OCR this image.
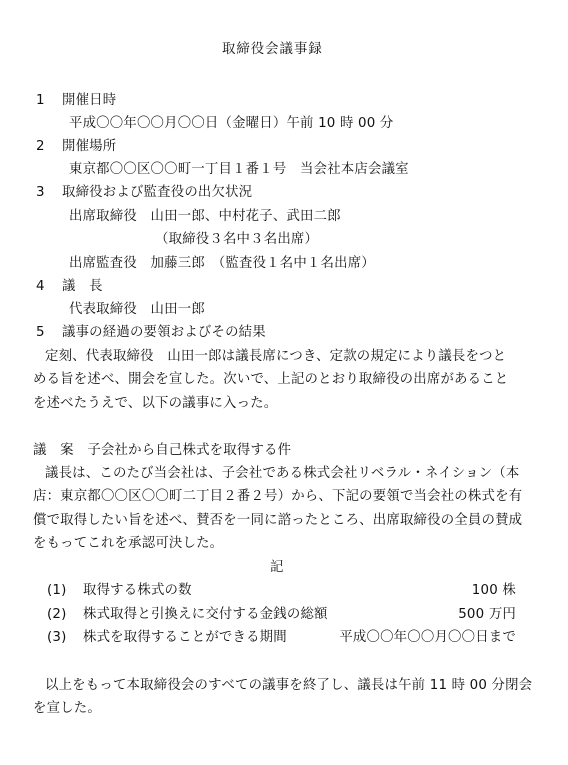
取締役会議事録
1 開催日時
平成〇〇年〇〇月〇〇日（金曜日）午前 10 時 00 分
2 開催場所
東京都〇〇区〇〇町一丁目１番１号　当会社本店会議室
3 取締役および監査役の出欠状況
出席取締役　山田一郎、中村花子、武田二郎
（取締役３名中３名出席）
出席監査役　加藤三郎　（監査役１名中１名出席）
4 議　長
代表取締役　山田一郎
5 議事の経過の要領およびその結果
定刻、代表取締役　山田一郎は議長席につき、定款の規定により議長をつと
める旨を述べ、開会を宣した。次いで、上記のとおり取締役の出席があること
を述べたうえで、以下の議事に入った。
議　案　子会社から自己株式を取得する件
議長は、このたび当会社は、子会社である株式会社リベラル・ネイション（本
店：東京都〇〇区〇〇町二丁目２番２号）から、下記の要領で当会社の株式を有
償で取得したい旨を述べ、賛否を一同に諮ったところ、出席取締役の全員の賛成
をもってこれを承認可決した。
記
(1) 取得する株式の数	100 株
(2) 株式取得と引換えに交付する金銭の総額	500 万円
(3) 株式を取得することができる期間	平成〇〇年〇〇月〇〇日まで
以上をもって本取締役会のすべての議事を終了し、議長は午前 11 時 00 分閉会
を宣した。
